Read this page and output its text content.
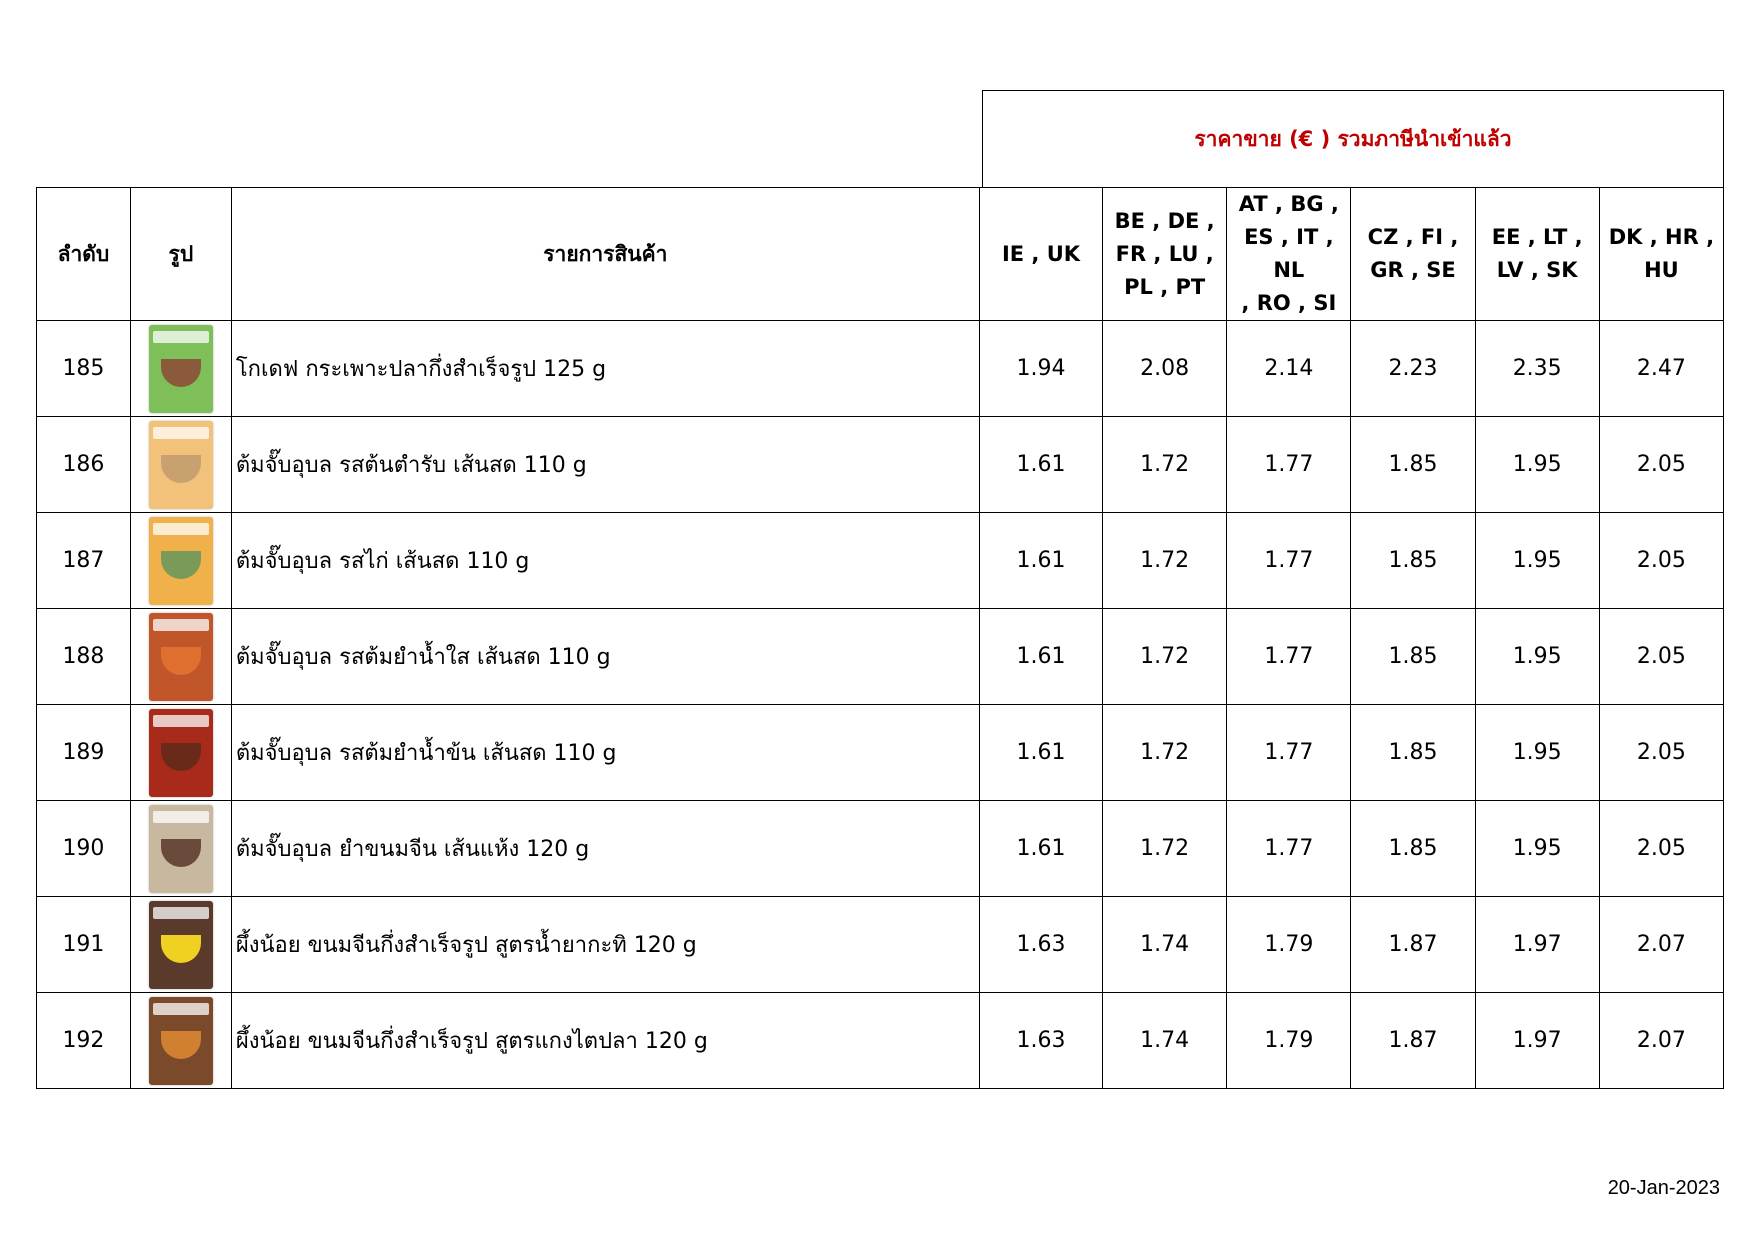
ราคาขาย (€ ) รวมภาษีนำเข้าแล้ว
ลำดับ	รูป	รายการสินค้า	IE , UK	BE , DE ,
FR , LU ,
PL , PT	AT , BG ,
ES , IT , NL
, RO , SI	CZ , FI ,
GR , SE	EE , LT ,
LV , SK	DK , HR ,
HU
185		โกเดฟ กระเพาะปลากึ่งสำเร็จรูป 125 g	1.94	2.08	2.14	2.23	2.35	2.47
186		ต้มจั๊บอุบล รสต้นตำรับ เส้นสด 110 g	1.61	1.72	1.77	1.85	1.95	2.05
187		ต้มจั๊บอุบล รสไก่ เส้นสด 110 g	1.61	1.72	1.77	1.85	1.95	2.05
188		ต้มจั๊บอุบล รสต้มยำน้ำใส เส้นสด 110 g	1.61	1.72	1.77	1.85	1.95	2.05
189		ต้มจั๊บอุบล รสต้มยำน้ำข้น เส้นสด 110 g	1.61	1.72	1.77	1.85	1.95	2.05
190		ต้มจั๊บอุบล ยำขนมจีน เส้นแห้ง 120 g	1.61	1.72	1.77	1.85	1.95	2.05
191		ผึ้งน้อย ขนมจีนกึ่งสำเร็จรูป สูตรน้ำยากะทิ 120 g	1.63	1.74	1.79	1.87	1.97	2.07
192		ผึ้งน้อย ขนมจีนกึ่งสำเร็จรูป สูตรแกงไตปลา 120 g	1.63	1.74	1.79	1.87	1.97	2.07
20-Jan-2023
